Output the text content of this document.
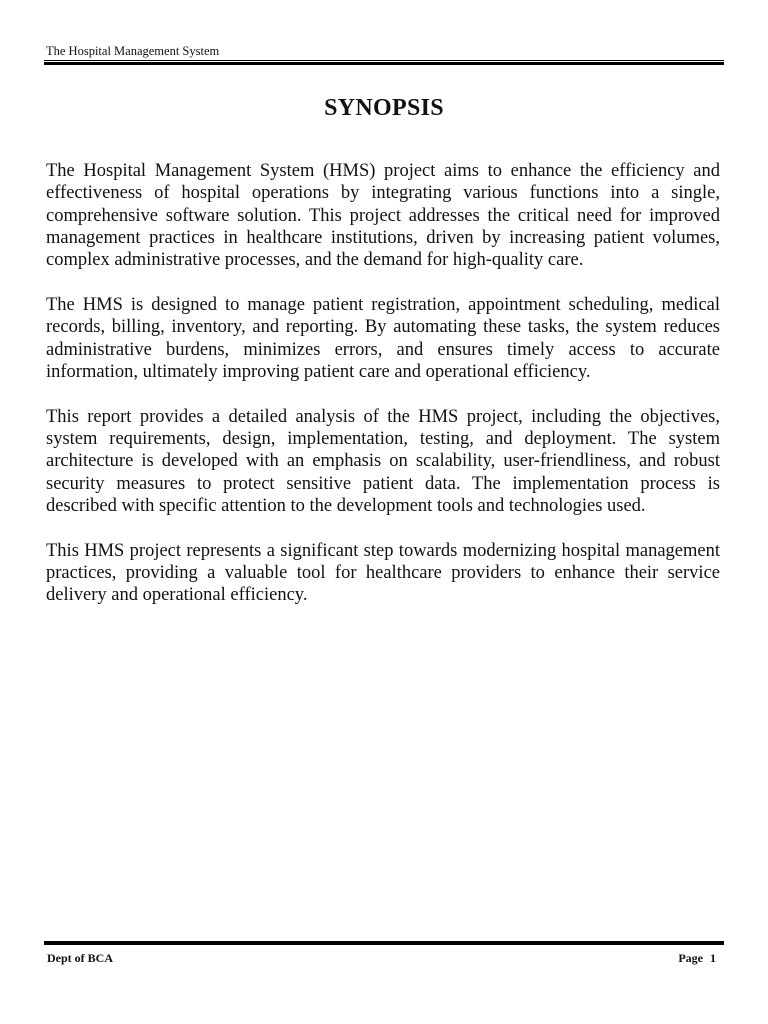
The Hospital Management System
SYNOPSIS

The Hospital Management System (HMS) project aims to enhance the efficiency and effectiveness of hospital operations by integrating various functions into a single, comprehensive software solution. This project addresses the critical need for improved management practices in healthcare institutions, driven by increasing patient volumes, complex administrative processes, and the demand for high-quality care.

The HMS is designed to manage patient registration, appointment scheduling, medical records, billing, inventory, and reporting. By automating these tasks, the system reduces administrative burdens, minimizes errors, and ensures timely access to accurate information, ultimately improving patient care and operational efficiency.

This report provides a detailed analysis of the HMS project, including the objectives, system requirements, design, implementation, testing, and deployment. The system architecture is developed with an emphasis on scalability, user-friendliness, and robust security measures to protect sensitive patient data. The implementation process is described with specific attention to the development tools and technologies used.

This HMS project represents a significant step towards modernizing hospital management practices, providing a valuable tool for healthcare providers to enhance their service delivery and operational efficiency.

Dept of BCA	Page 1
